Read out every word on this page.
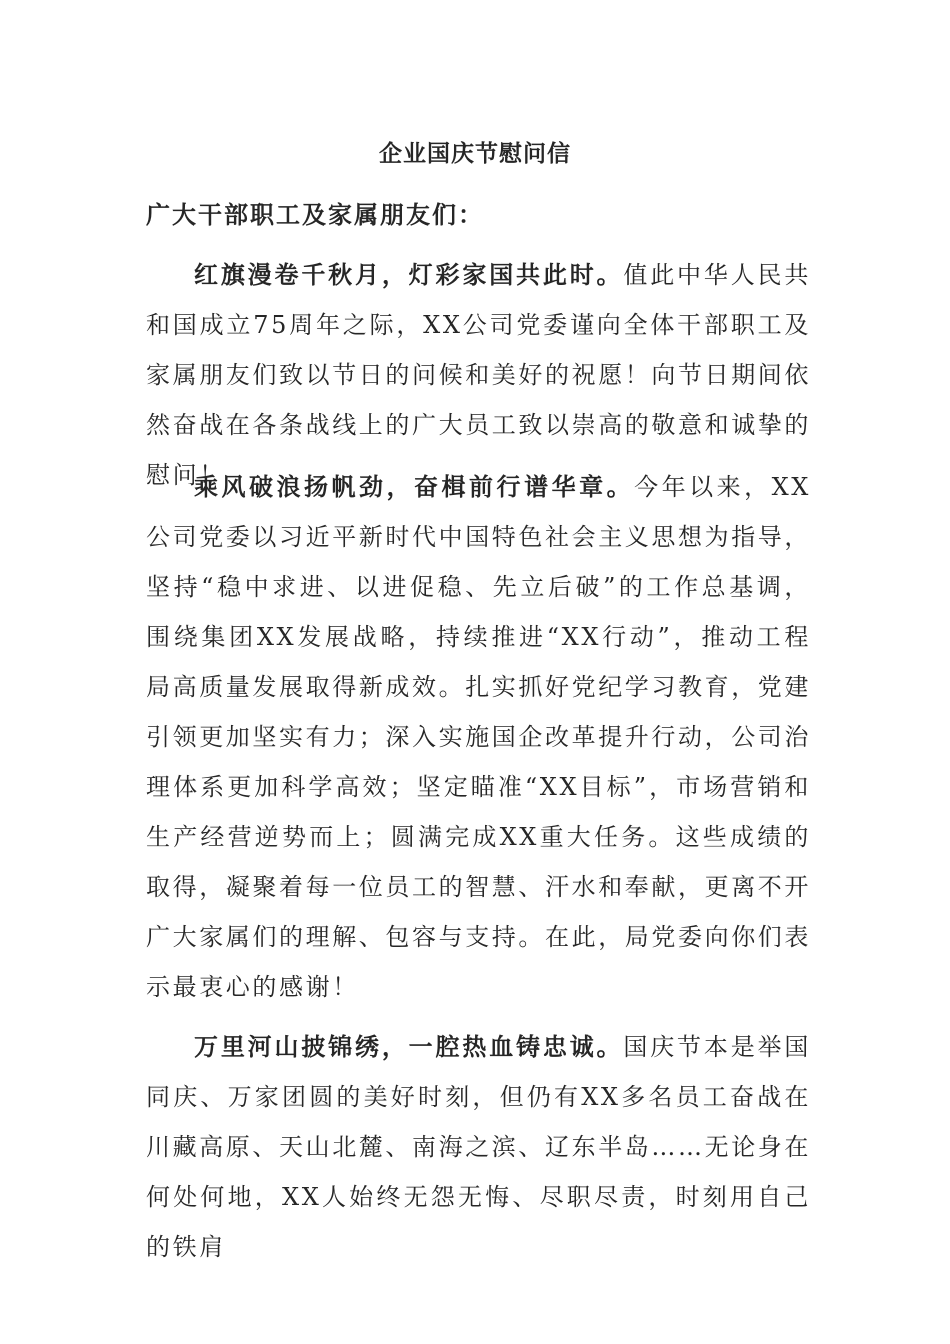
企业国庆节慰问信
广大干部职工及家属朋友们：

红旗漫卷千秋月，灯彩家国共此时。值此中华人民共和国成立75周年之际，XX公司党委谨向全体干部职工及家属朋友们致以节日的问候和美好的祝愿！向节日期间依然奋战在各条战线上的广大员工致以崇高的敬意和诚挚的慰问！

乘风破浪扬帆劲，奋楫前行谱华章。今年以来，XX公司党委以习近平新时代中国特色社会主义思想为指导，坚持“稳中求进、以进促稳、先立后破”的工作总基调，围绕集团XX发展战略，持续推进“XX行动”，推动工程局高质量发展取得新成效。扎实抓好党纪学习教育，党建引领更加坚实有力；深入实施国企改革提升行动，公司治理体系更加科学高效；坚定瞄准“XX目标”，市场营销和生产经营逆势而上；圆满完成XX重大任务。这些成绩的取得，凝聚着每一位员工的智慧、汗水和奉献，更离不开广大家属们的理解、包容与支持。在此，局党委向你们表示最衷心的感谢！

万里河山披锦绣，一腔热血铸忠诚。国庆节本是举国同庆、万家团圆的美好时刻，但仍有XX多名员工奋战在川藏高原、天山北麓、南海之滨、辽东半岛……无论身在何处何地，XX人始终无怨无悔、尽职尽责，时刻用自己的铁肩
